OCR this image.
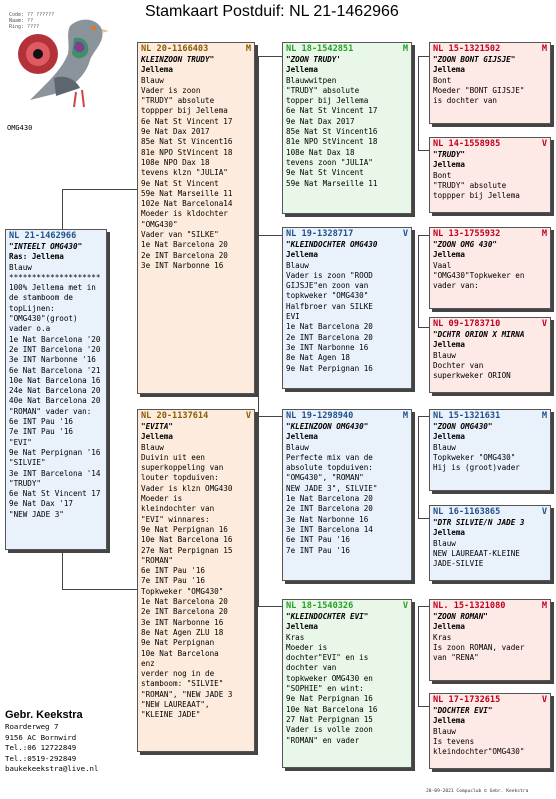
Stamkaart Postduif: NL 21-1462966
Code: ?? ??????
Naam: ??
Ring: ????
OMG430
NL 21-1462966
"INTEELT OMG430"
Ras: Jellema
Blauw
********************
100% Jellema met in
de stamboom de
topLijnen:
"OMG430"(groot)
vader o.a
1e Nat Barcelona '20
2e INT Barcelona '20
3e INT Narbonne '16
6e Nat Barcelona '21
10e Nat Barcelona 16
24e Nat Barcelona 20
40e Nat Barcelona 20
"ROMAN" vader van:
6e INT Pau '16
7e INT Pau '16
"EVI"
9e Nat Perpignan '16
"SILVIE"
3e INT Barcelona '14
"TRUDY"
6e Nat St Vincent 17
9e Nat Dax '17
"NEW JADE 3"
NL 20-1166403	M
KLEINZOON TRUDY"
Jellema
Blauw
Vader is zoon
"TRUDY" absolute
toppper bij Jellema
6e Nat St Vincent 17
9e Nat Dax 2017
85e Nat St Vincent16
81e NPO StVincent 18
108e NPO Dax 18
tevens klzn "JULIA"
9e Nat St Vincent
59e Nat Marseille 11
102e Nat Barcelona14
Moeder is kldochter
"OMG430"
Vader van "SILKE"
1e Nat Barcelona 20
2e INT Barcelona 20
3e INT Narbonne 16
NL 20-1137614	V
"EVITA"
Jellema
Blauw
Duivin uit een
superkoppeling van
louter topduiven:
Vader is klzn OMG430
Moeder is
kleindochter van
"EVI" winnares:
9e Nat Perpignan 16
10e Nat Barcelona 16
27e Nat Perpignan 15
"ROMAN"
6e INT Pau '16
7e INT Pau '16
Topkweker "OMG430"
1e Nat Barcelona 20
2e INT Barcelona 20
3e INT Narbonne 16
8e Nat Agen ZLU 18
9e Nat Perpignan
10e Nat Barcelona
enz
verder nog in de
stamboom: "SILVIE"
"ROMAN", "NEW JADE 3
"NEW LAUREAAT",
"KLEINE JADE"
NL 18-1542851	M
"ZOON TRUDY'
Jellema
Blauwwitpen
"TRUDY" absolute
topper bij Jellema
6e Nat St Vincent 17
9e Nat Dax 2017
85e Nat St Vincent16
81e NPO StVincent 18
108e Nat Dax 18
tevens zoon "JULIA"
9e Nat St Vincent
59e Nat Marseille 11
NL 19-1328717	V
"KLEINDOCHTER OMG430
Jellema
Blauw
Vader is zoon "ROOD
GIJSJE"en zoon van
topkweker "OMG430"
Halfbroer van SILKE
EVI
1e Nat Barcelona 20
2e INT Barcelona 20
3e INT Narbonne 16
8e Nat Agen 18
9e Nat Perpignan 16
NL 19-1298940	M
"KLEINZOON OMG430"
Jellema
Blauw
Perfecte mix van de
absolute topduiven:
"OMG430", "ROMAN"
NEW JADE 3", SILVIE"
1e Nat Barcelona 20
2e INT Barcelona 20
3e Nat Narbonne 16
3e INT Barcelona 14
6e INT Pau '16
7e INT Pau '16
NL 18-1540326	V
"KLEINDOCHTER EVI"
Jellema
Kras
Moeder is
dochter"EVI" en is
dochter van
topkweker OMG430 en
"SOPHIE" en wint:
9e Nat Perpignan 16
10e Nat Barcelona 16
27 Nat Perpignan 15
Vader is volle zoon
"ROMAN" en vader
NL 15-1321502	M
"ZOON BONT GIJSJE"
Jellema
Bont
Moeder "BONT GIJSJE"
is dochter van
NL 14-1558985	V
"TRUDY"
Jellema
Bont
"TRUDY" absolute
toppper bij Jellema
NL 13-1755932	M
"ZOON OMG 430"
Jellema
Vaal
"OMG430"Topkweker en
vader van:
NL 09-1783710	V
"DCHTR ORION X MIRNA
Jellema
Blauw
Dochter van
superkweker ORION
NL 15-1321631	M
"ZOON OMG430"
Jellema
Blauw
Topkweker "OMG430"
Hij is (groot)vader
NL 16-1163865	V
"DTR SILVIE/N JADE 3
Jellema
Blauw
NEW LAUREAAT-KLEINE
JADE-SILVIE
NL. 15-1321080	M
"ZOON ROMAN"
Jellema
Kras
Is zoon ROMAN, vader
van "RENA"
NL 17-1732615	V
"DOCHTER EVI"
Jellema
Blauw
Is tevens
kleindochter"OMG430"
Gebr. Keekstra
Roarderweg 7
9156 AC Bornwird
Tel.:06 12722849
Tel.:0519-292849
baukekeekstra@live.nl
28-09-2021 Compuclub © Gebr. Keekstra
